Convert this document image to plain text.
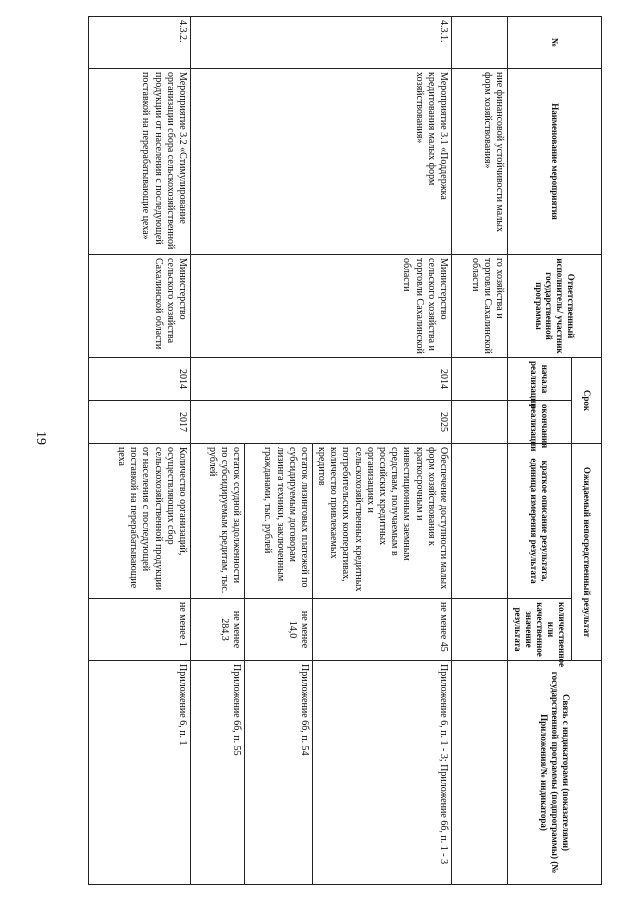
19
№	Наименование мероприятия	Ответственный исполнитель/ участник государственной программы	Срок		Ожидаемый непосредственный результат		Связь с индикаторами (показателями) государственной программы (подпрограммы) (№ Приложения/№ индикатора)
			начала реализации	окончания реализации	краткое описание результата, единица измерения результата	количественное или качественное значение результата	
	ние финансовой устойчивости малых форм хозяйствования»	го хозяйства и торговли Сахалинской области					
4.3.1.	Мероприятие 3.1 «Поддержка кредитования малых форм хозяйствования»	Министерство сельского хозяйства и торговли Сахалинской области	2014	2025	Обеспечение доступности малых форм хозяйствования к краткосрочным и инвестиционным заемным средствам, получаемым в российских кредитных организациях и сельскохозяйственных кредитных потребительских кооперативах, количество привлекаемых кредитов	не менее 45	Приложение 6, п. 1 - 3; Приложение 6б, п. 1 - 3
					остаток лизинговых платежей по субсидируемым договорам лизинга техники, заключенным гражданами, тыс. рублей	не менее 14,0	Приложение 6б, п. 54
					остаток ссудной задолженности по субсидируемым кредитам, тыс. рублей	не менее 284,3	Приложение 6б, п. 55
4.3.2.	Мероприятие 3.2 «Стимулирование организации сбора сельскохозяйственной продукции от населения с последующей поставкой на перерабатывающие цеха»	Министерство сельского хозяйства Сахалинской области	2014	2017	Количество организаций, осуществляющих сбор сельскохозяйственной продукции от населения с последующей поставкой на перерабатывающие цеха	не менее 1	Приложение 6, п. 1
